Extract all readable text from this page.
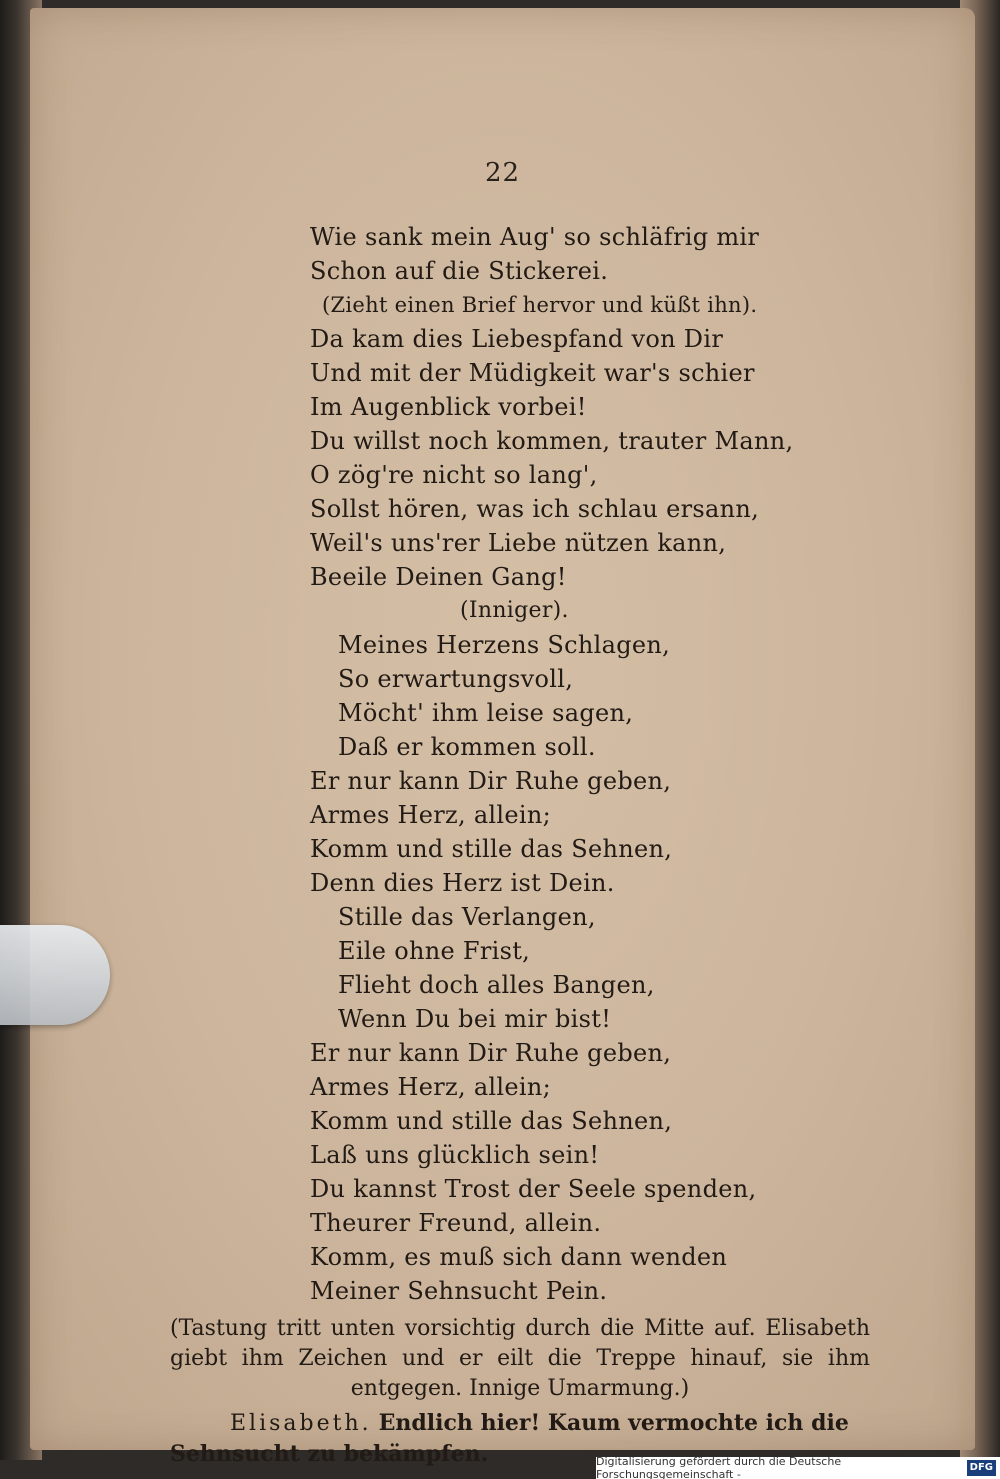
22
Wie sank mein Aug' so schläfrig mir
Schon auf die Stickerei.
(Zieht einen Brief hervor und küßt ihn).
Da kam dies Liebespfand von Dir
Und mit der Müdigkeit war's schier
Im Augenblick vorbei!
Du willst noch kommen, trauter Mann,
O zög're nicht so lang',
Sollst hören, was ich schlau ersann,
Weil's uns'rer Liebe nützen kann,
Beeile Deinen Gang!
(Inniger).
Meines Herzens Schlagen,
So erwartungsvoll,
Möcht' ihm leise sagen,
Daß er kommen soll.
Er nur kann Dir Ruhe geben,
Armes Herz, allein;
Komm und stille das Sehnen,
Denn dies Herz ist Dein.
Stille das Verlangen,
Eile ohne Frist,
Flieht doch alles Bangen,
Wenn Du bei mir bist!
Er nur kann Dir Ruhe geben,
Armes Herz, allein;
Komm und stille das Sehnen,
Laß uns glücklich sein!
Du kannst Trost der Seele spenden,
Theurer Freund, allein.
Komm, es muß sich dann wenden
Meiner Sehnsucht Pein.
(Tastung tritt unten vorsichtig durch die Mitte auf. Elisabeth giebt ihm Zeichen und er eilt die Treppe hinauf, sie ihm entgegen. Innige Umarmung.)
Elisabeth. Endlich hier! Kaum vermochte ich die Sehnsucht zu bekämpfen.	Digitalisierung gefördert durch die Deutsche Forschungsgemeinschaft -
DFG
